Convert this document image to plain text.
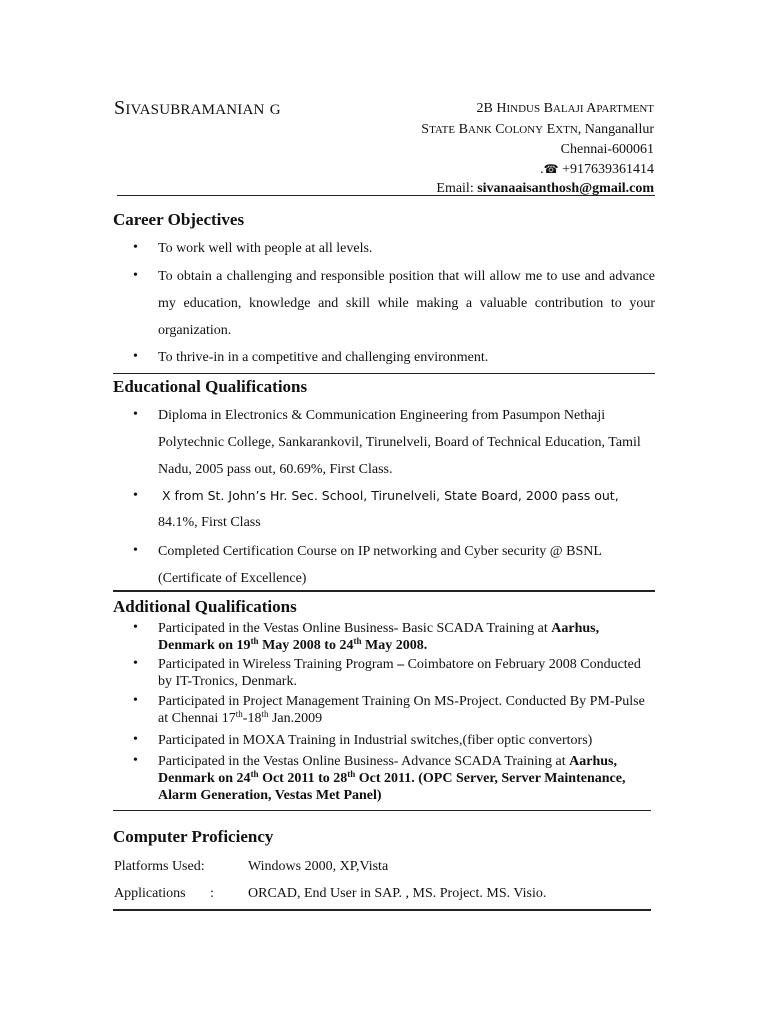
SIVASUBRAMANIAN G	2B HINDUS BALAJI APARTMENT
STATE BANK COLONY EXTN, Nanganallur
Chennai-600061
.☎ +917639361414
Email: sivanaaisanthosh@gmail.com
Career Objectives
• To work well with people at all levels.
• To obtain a challenging and responsible position that will allow me to use and advance my education, knowledge and skill while making a valuable contribution to your organization.
• To thrive-in in a competitive and challenging environment.
Educational Qualifications
• Diploma in Electronics & Communication Engineering from Pasumpon Nethaji Polytechnic College, Sankarankovil, Tirunelveli, Board of Technical Education, Tamil Nadu, 2005 pass out, 60.69%, First Class.
• X from St. John’s Hr. Sec. School, Tirunelveli, State Board, 2000 pass out,
84.1%, First Class
• Completed Certification Course on IP networking and Cyber security @ BSNL (Certificate of Excellence)
Additional Qualifications
• Participated in the Vestas Online Business- Basic SCADA Training at Aarhus, Denmark on 19th May 2008 to 24th May 2008.
• Participated in Wireless Training Program – Coimbatore on February 2008 Conducted by IT-Tronics, Denmark.
• Participated in Project Management Training On MS-Project. Conducted By PM-Pulse at Chennai 17th-18th Jan.2009
• Participated in MOXA Training in Industrial switches,(fiber optic convertors)
• Participated in the Vestas Online Business- Advance SCADA Training at Aarhus, Denmark on 24th Oct 2011 to 28th Oct 2011. (OPC Server, Server Maintenance, Alarm Generation, Vestas Met Panel)
Computer Proficiency
Platforms Used:	Windows 2000, XP,Vista
Applications : ORCAD, End User in SAP. , MS. Project. MS. Visio.
